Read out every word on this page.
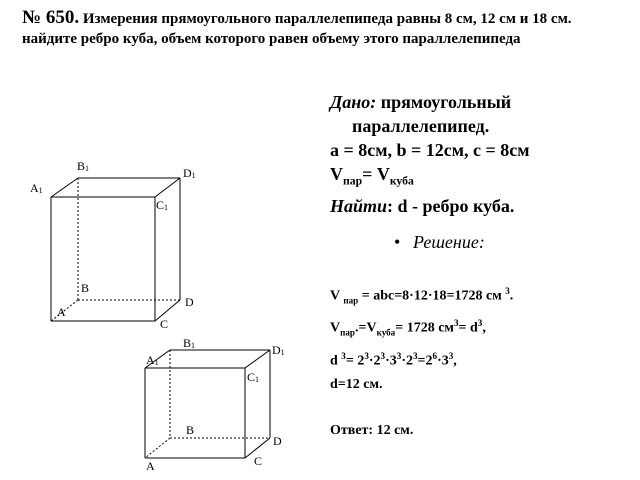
№ 650. Измерения прямоугольного параллелепипеда равны 8 см, 12 см и 18 см. найдите ребро куба, объем которого равен объему этого параллелепипеда

Дано: прямоугольный

параллелепипед.

a = 8см, b = 12см, c = 8см

$V_{пар}= V_{куба}$

Найти: d - ребро куба.

• Решение:

V $_{пар}$ = abc=8·12·18=1728 см $^3$.

$V_{пар}.=V_{куба}= 1728$ $см^3= d^3$,

d $^3= 2^3\cdot 2^3\cdot 3^3\cdot 2^3=2^6\cdot 3^3$,

d=12 см.

Ответ: 12 см.

B1	D1
A1
C1
B
D
A
C
B1	D1
A1
C1
B
D
A	C
